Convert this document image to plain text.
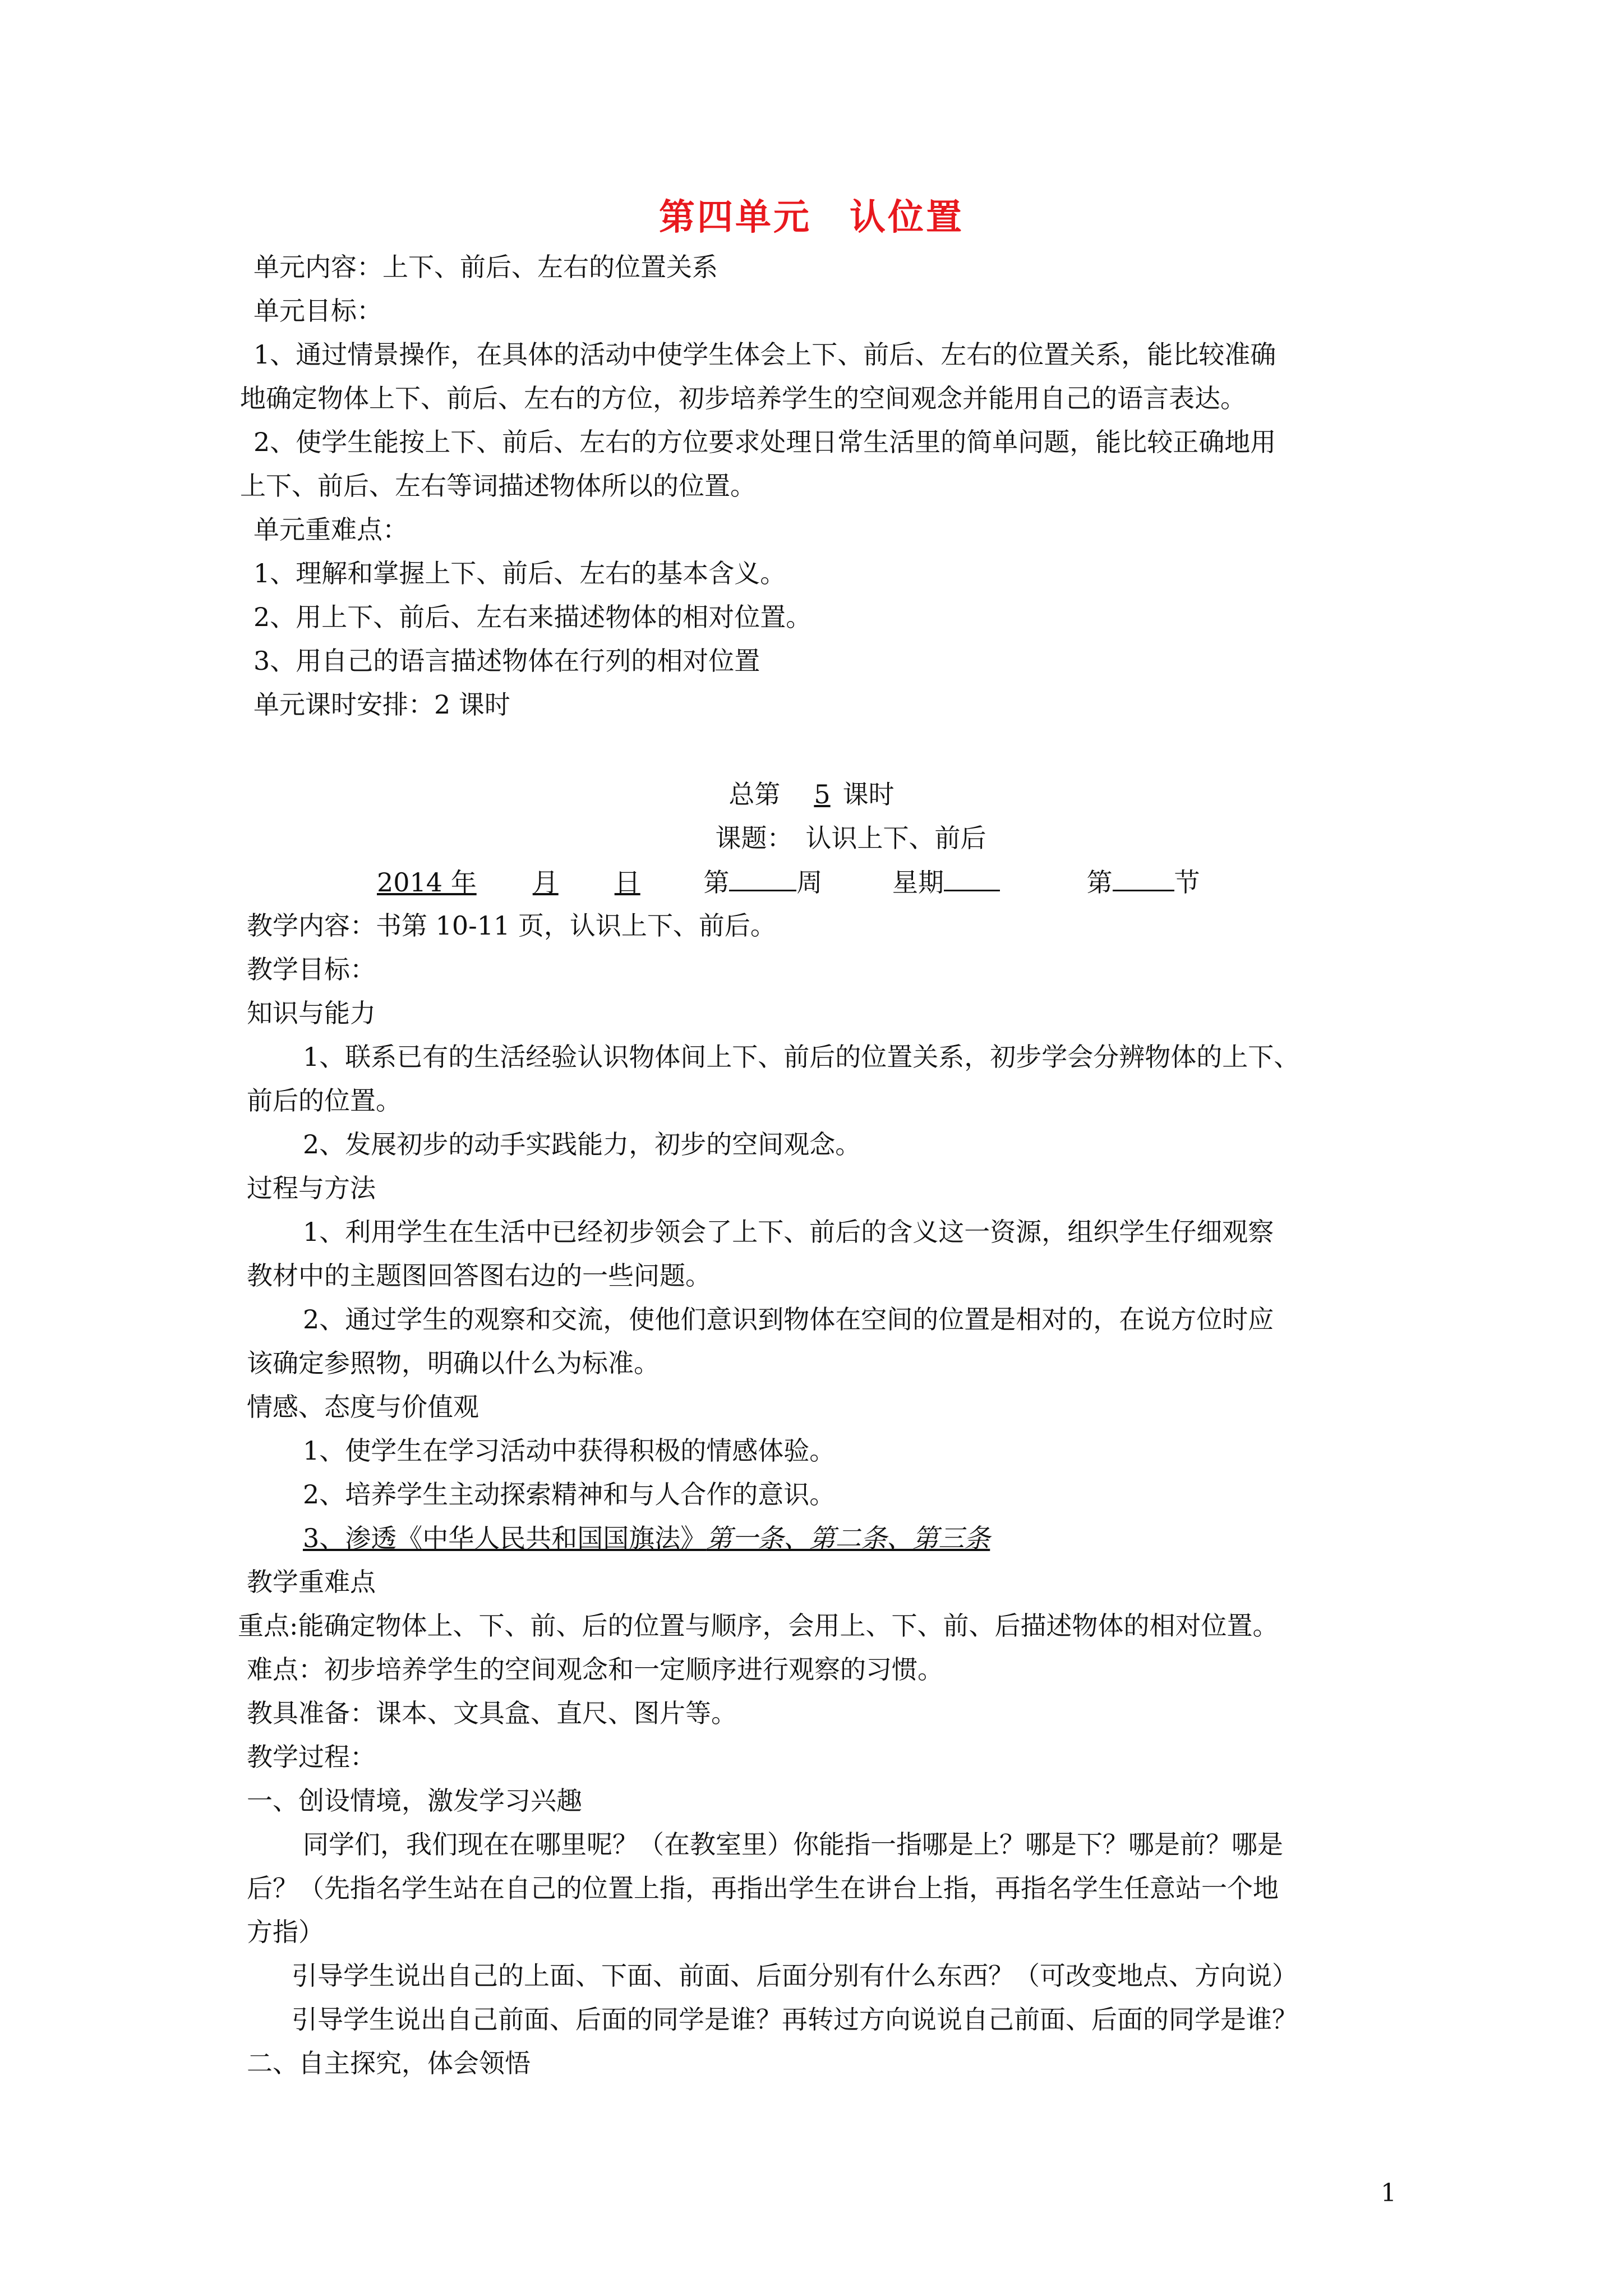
第四单元　认位置
单元内容：上下、前后、左右的位置关系
单元目标：
1、通过情景操作，在具体的活动中使学生体会上下、前后、左右的位置关系，能比较准确
地确定物体上下、前后、左右的方位，初步培养学生的空间观念并能用自己的语言表达。
2、使学生能按上下、前后、左右的方位要求处理日常生活里的简单问题，能比较正确地用
上下、前后、左右等词描述物体所以的位置。
单元重难点：
1、理解和掌握上下、前后、左右的基本含义。
2、用上下、前后、左右来描述物体的相对位置。
3、用自己的语言描述物体在行列的相对位置
单元课时安排：2 课时
总第 5 课时
课题：　认识上下、前后
2014 年 月 日 第	周	星期	第 节
教学内容：书第 10-11 页，认识上下、前后。
教学目标：
知识与能力
1、联系已有的生活经验认识物体间上下、前后的位置关系，初步学会分辨物体的上下、
前后的位置。
2、发展初步的动手实践能力，初步的空间观念。
过程与方法
1、利用学生在生活中已经初步领会了上下、前后的含义这一资源，组织学生仔细观察
教材中的主题图回答图右边的一些问题。
2、通过学生的观察和交流，使他们意识到物体在空间的位置是相对的，在说方位时应
该确定参照物，明确以什么为标准。
情感、态度与价值观
1、使学生在学习活动中获得积极的情感体验。
2、培养学生主动探索精神和与人合作的意识。
3、渗透《中华人民共和国国旗法》第一条、第二条、第三条
教学重难点
重点:能确定物体上、下、前、后的位置与顺序，会用上、下、前、后描述物体的相对位置。
难点：初步培养学生的空间观念和一定顺序进行观察的习惯。
教具准备：课本、文具盒、直尺、图片等。
教学过程：
一、创设情境，激发学习兴趣
同学们，我们现在在哪里呢？（在教室里）你能指一指哪是上？哪是下？哪是前？哪是
后？（先指名学生站在自己的位置上指，再指出学生在讲台上指，再指名学生任意站一个地
方指）
引导学生说出自己的上面、下面、前面、后面分别有什么东西？（可改变地点、方向说）
引导学生说出自己前面、后面的同学是谁？再转过方向说说自己前面、后面的同学是谁？
二、自主探究，体会领悟
1
